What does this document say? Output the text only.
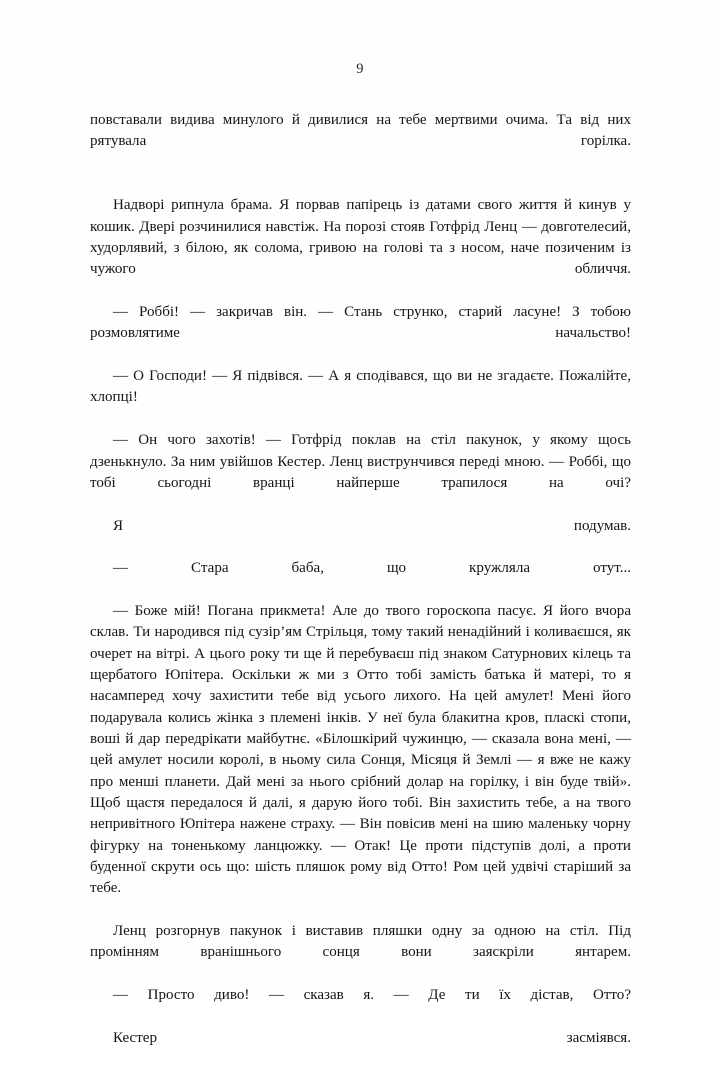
9

повставали видива минулого й дивилися на тебе мертвими очима. Та від них рятувала горілка.

Надворі рипнула брама. Я порвав папірець із датами свого життя й кинув у кошик. Двері розчинилися навстіж. На порозі стояв Готфрід Ленц — довготелесий, худорлявий, з білою, як солома, гривою на голові та з носом, наче позиченим із чужого обличчя.

— Роббі! — закричав він. — Стань струнко, старий ласуне! З тобою розмовлятиме начальство!

— О Господи! — Я підвівся. — А я сподівався, що ви не згадаєте. Пожалійте, хлопці!

— Он чого захотів! — Готфрід поклав на стіл пакунок, у якому щось дзенькнуло. За ним увійшов Кестер. Ленц виструнчився переді мною. — Роббі, що тобі сьогодні вранці найперше трапилося на очі?

Я подумав.

— Стара баба, що кружляла отут...

— Боже мій! Погана прикмета! Але до твого гороскопа пасує. Я його вчора склав. Ти народився під сузір’ям Стрільця, тому такий ненадійний і коливаєшся, як очерет на вітрі. А цього року ти ще й перебуваєш під знаком Сатурнових кілець та щербатого Юпітера. Оскільки ж ми з Отто тобі замість батька й матері, то я насамперед хочу захистити тебе від усього лихого. На цей амулет! Мені його подарувала колись жінка з племені інків. У неї була блакитна кров, пласкі стопи, воші й дар передрікати майбутнє. «Білошкірий чужинцю, — сказала вона мені, — цей амулет носили королі, в ньому сила Сонця, Місяця й Землі — я вже не кажу про менші планети. Дай мені за нього срібний долар на горілку, і він буде твій». Щоб щастя передалося й далі, я дарую його тобі. Він захистить тебе, а на твого непривітного Юпітера нажене страху. — Він повісив мені на шию маленьку чорну фігурку на тоненькому ланцюжку. — Отак! Це проти підступів долі, а проти буденної скрути ось що: шість пляшок рому від Отто! Ром цей удвічі старіший за тебе.

Ленц розгорнув пакунок і виставив пляшки одну за одною на стіл. Під промінням вранішнього сонця вони заяскріли янтарем.

— Просто диво! — сказав я. — Де ти їх дістав, Отто?

Кестер засміявся.
